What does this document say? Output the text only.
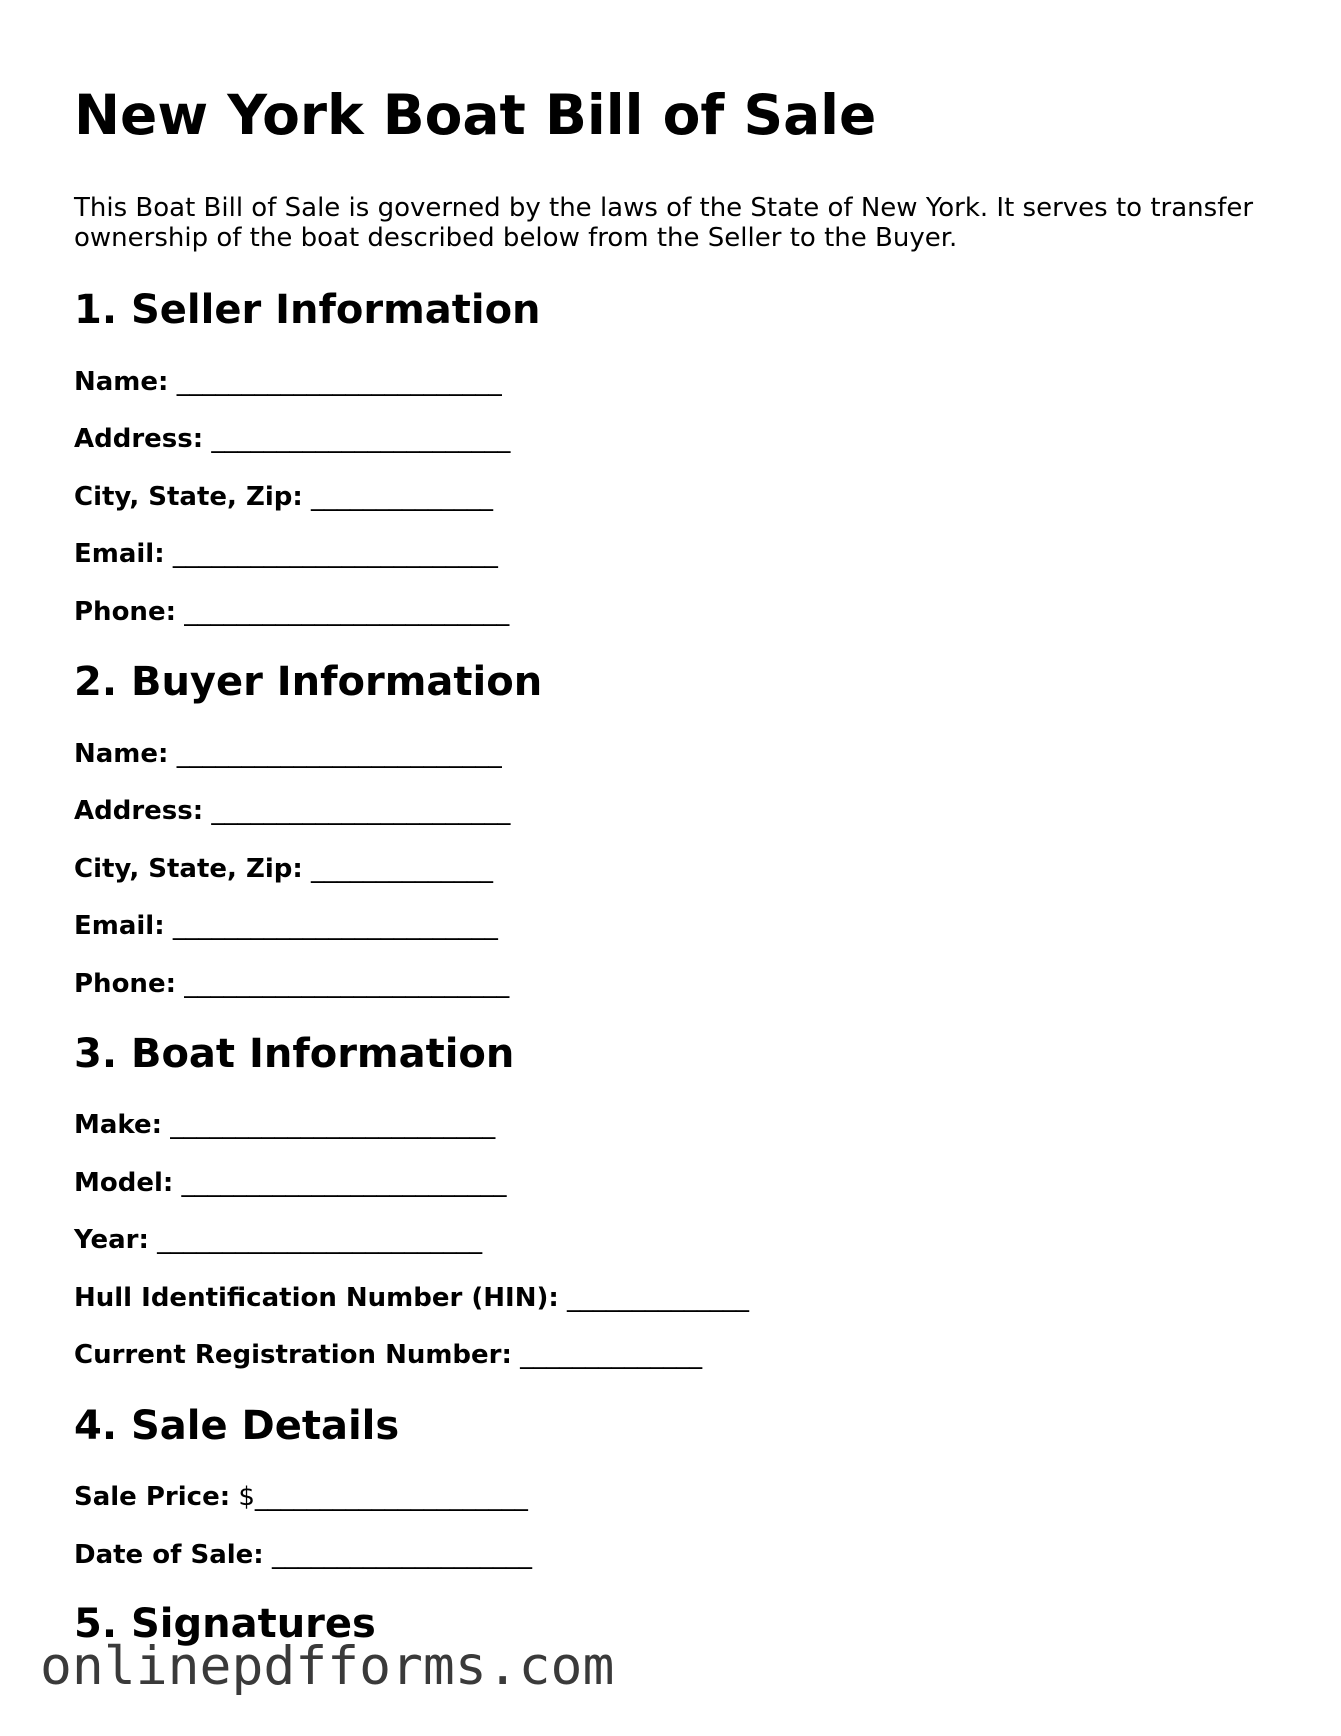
New York Boat Bill of Sale

This Boat Bill of Sale is governed by the laws of the State of New York. It serves to transfer ownership of the boat described below from the Seller to the Buyer.

1. Seller Information

Name: _________________________

Address: _______________________

City, State, Zip: ______________

Email: _________________________

Phone: _________________________

2. Buyer Information

Name: _________________________

Address: _______________________

City, State, Zip: ______________

Email: _________________________

Phone: _________________________

3. Boat Information

Make: _________________________

Model: _________________________

Year: _________________________

Hull Identification Number (HIN): ______________

Current Registration Number: ______________

4. Sale Details

Sale Price: $_____________________

Date of Sale: ____________________

5. Signatures
onlinepdfforms.com
